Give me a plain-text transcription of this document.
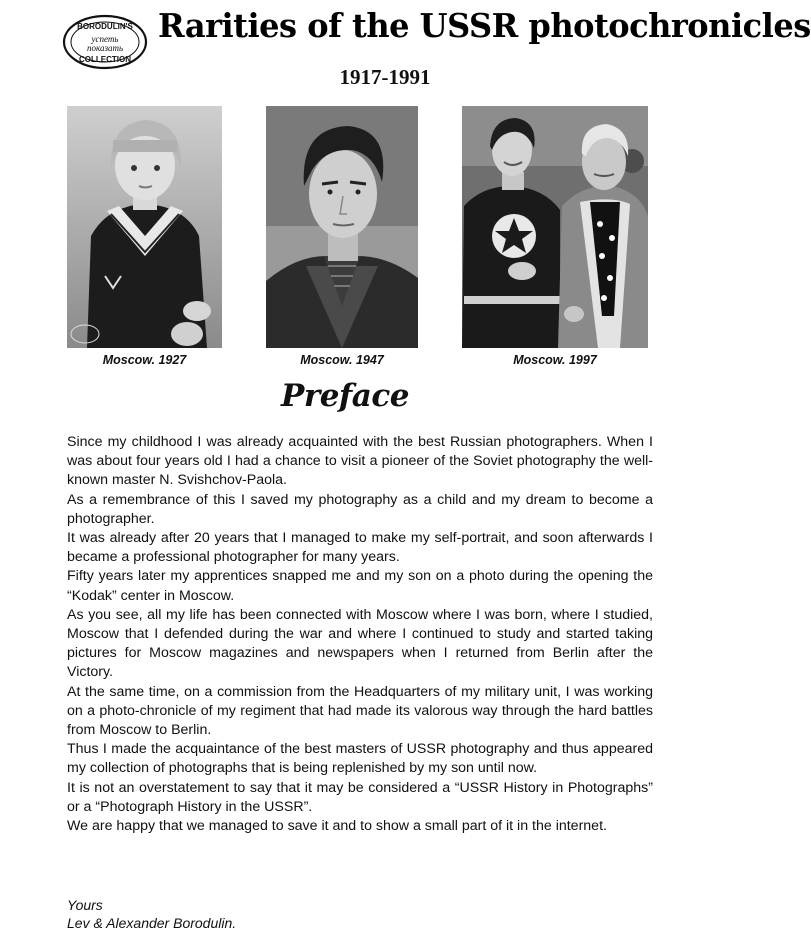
BORODULIN'S
успеть
показать
COLLECTION
Rarities of the USSR photochronicles
1917-1991
Moscow. 1927	Moscow. 1947	Moscow. 1997
Preface

Since my childhood I was already acquainted with the best Russian photographers. When I was about four years old I had a chance to visit a pioneer of the Soviet photography the well-known master N. Svishchov-Paola.

As a remembrance of this I saved my photography as a child and my dream to become a photographer.

It was already after 20 years that I managed to make my self-portrait, and soon afterwards I became a professional photographer for many years.

Fifty years later my apprentices snapped me and my son on a photo during the opening the “Kodak” center in Moscow.

As you see, all my life has been connected with Moscow where I was born, where I studied, Moscow that I defended during the war and where I continued to study and started taking pictures for Moscow magazines and newspapers when I returned from Berlin after the Victory.

At the same time, on a commission from the Headquarters of my military unit, I was working on a photo-chronicle of my regiment that had made its valorous way through the hard battles from Moscow to Berlin.

Thus I made the acquaintance of the best masters of USSR photography and thus appeared my collection of photographs that is being replenished by my son until now.

It is not an overstatement to say that it may be considered a “USSR History in Photographs” or a “Photograph History in the USSR”.

We are happy that we managed to save it and to show a small part of it in the internet.

Yours
Lev & Alexander Borodulin.
